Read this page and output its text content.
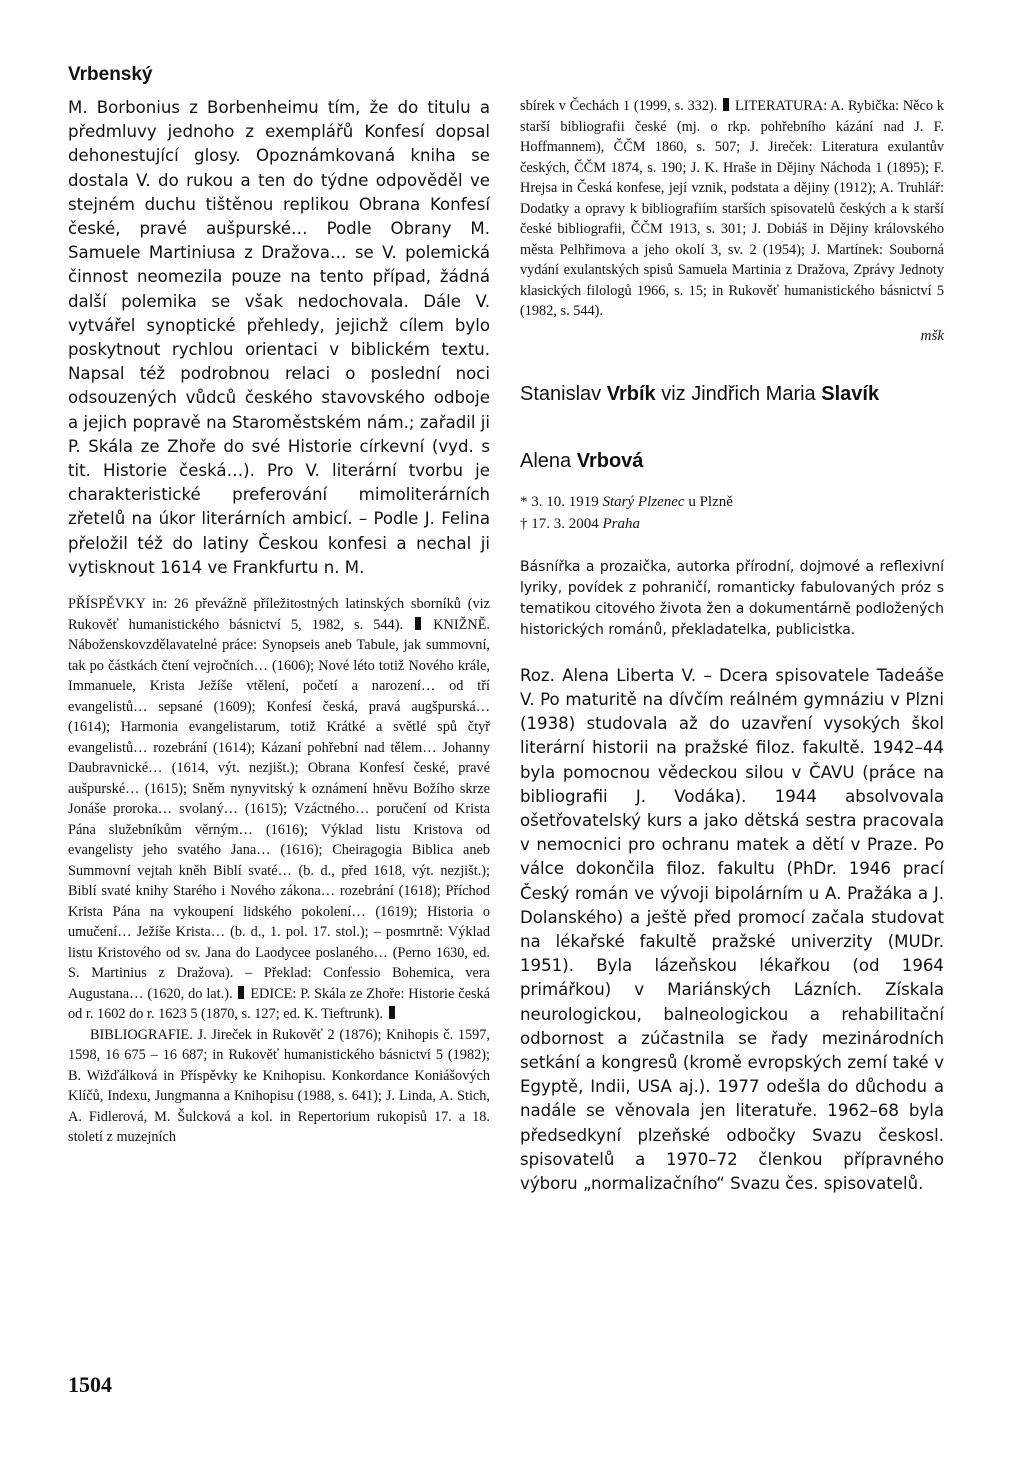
Vrbenský

M. Borbonius z Borbenheimu tím, že do titulu a předmluvy jednoho z exemplářů Konfesí dopsal dehonestující glosy. Opoznámkovaná kniha se dostala V. do rukou a ten do týdne odpověděl ve stejném duchu tištěnou replikou Obrana Konfesí české, pravé aušpurské… Podle Obrany M. Samuele Martiniusa z Dražova… se V. polemická činnost neomezila pouze na tento případ, žádná další polemika se však nedochovala. Dále V. vytvářel synoptické přehledy, jejichž cílem bylo poskytnout rychlou orientaci v biblickém textu. Napsal též podrobnou relaci o poslední noci odsouzených vůdců českého stavovského odboje a jejich popravě na Staroměstském nám.; zařadil ji P. Skála ze Zhoře do své Historie církevní (vyd. s tit. Historie česká…). Pro V. literární tvorbu je charakteristické preferování mimoliterárních zřetelů na úkor literárních ambicí. – Podle J. Felina přeložil též do latiny Českou konfesi a nechal ji vytisknout 1614 ve Frankfurtu n. M.

PŘÍSPĚVKY in: 26 převážně příležitostných latinských sborníků (viz Rukověť humanistického básnictví 5, 1982, s. 544). KNIŽNĚ. Náboženskovzdělavatelné práce: Synopseis aneb Tabule, jak summovní, tak po částkách čtení vejročních… (1606); Nové léto totiž Nového krále, Immanuele, Krista Ježíše vtělení, početí a narození… od tří evangelistů… sepsané (1609); Konfesí česká, pravá augšpurská… (1614); Harmonia evangelistarum, totiž Krátké a světlé spů čtyř evangelistů… rozebrání (1614); Kázaní pohřební nad tělem… Johanny Daubravnické… (1614, výt. nezjišt.); Obrana Konfesí české, pravé aušpurské… (1615); Sněm nynyvitský k oznámení hněvu Božího skrze Jonáše proroka… svolaný… (1615); Vzáctného… poručení od Krista Pána služebníkům věrným… (1616); Výklad listu Kristova od evangelisty jeho svatého Jana… (1616); Cheiragogia Biblica aneb Summovní vejtah kněh Biblí svaté… (b. d., před 1618, výt. nezjišt.); Biblí svaté knihy Starého i Nového zákona… rozebrání (1618); Příchod Krista Pána na vykoupení lidského pokolení… (1619); Historia o umučení… Ježíše Krista… (b. d., 1. pol. 17. stol.); – posmrtně: Výklad listu Kristového od sv. Jana do Laodycee poslaného… (Perno 1630, ed. S. Martinius z Dražova). – Překlad: Confessio Bohemica, vera Augustana… (1620, do lat.). EDICE: P. Skála ze Zhoře: Historie česká od r. 1602 do r. 1623 5 (1870, s. 127; ed. K. Tieftrunk).

BIBLIOGRAFIE. J. Jireček in Rukověť 2 (1876); Knihopis č. 1597, 1598, 16 675 – 16 687; in Rukověť humanistického básnictví 5 (1982); B. Wižďálková in Příspěvky ke Knihopisu. Konkordance Koniášových Klíčů, Indexu, Jungmanna a Knihopisu (1988, s. 641); J. Linda, A. Stich, A. Fidlerová, M. Šulcková a kol. in Repertorium rukopisů 17. a 18. století z muzejních

sbírek v Čechách 1 (1999, s. 332). LITERATURA: A. Rybička: Něco k starší bibliografii české (mj. o rkp. pohřebního kázání nad J. F. Hoffmannem), ČČM 1860, s. 507; J. Jireček: Literatura exulantův českých, ČČM 1874, s. 190; J. K. Hraše in Dějiny Náchoda 1 (1895); F. Hrejsa in Česká konfese, její vznik, podstata a dějiny (1912); A. Truhlář: Dodatky a opravy k bibliografiím starších spisovatelů českých a k starší české bibliografii, ČČM 1913, s. 301; J. Dobiáš in Dějiny královského města Pelhřimova a jeho okolí 3, sv. 2 (1954); J. Martínek: Souborná vydání exulantských spisů Samuela Martinia z Dražova, Zprávy Jednoty klasických filologů 1966, s. 15; in Rukověť humanistického básnictví 5 (1982, s. 544).

mšk

Stanislav Vrbík viz Jindřich Maria Slavík

Alena Vrbová

* 3. 10. 1919 Starý Plzenec u Plzně

† 17. 3. 2004 Praha

Básnířka a prozaička, autorka přírodní, dojmové a reflexivní lyriky, povídek z pohraničí, romanticky fabulovaných próz s tematikou citového života žen a dokumentárně podložených historických románů, překladatelka, publicistka.

Roz. Alena Liberta V. – Dcera spisovatele Tadeáše V. Po maturitě na dívčím reálném gymnáziu v Plzni (1938) studovala až do uzavření vysokých škol literární historii na pražské filoz. fakultě. 1942–44 byla pomocnou vědeckou silou v ČAVU (práce na bibliografii J. Vodáka). 1944 absolvovala ošetřovatelský kurs a jako dětská sestra pracovala v nemocnici pro ochranu matek a dětí v Praze. Po válce dokončila filoz. fakultu (PhDr. 1946 prací Český román ve vývoji bipolárním u A. Pražáka a J. Dolanského) a ještě před promocí začala studovat na lékařské fakultě pražské univerzity (MUDr. 1951). Byla lázeňskou lékařkou (od 1964 primářkou) v Mariánských Lázních. Získala neurologickou, balneologickou a rehabilitační odbornost a zúčastnila se řady mezinárodních setkání a kongresů (kromě evropských zemí také v Egyptě, Indii, USA aj.). 1977 odešla do důchodu a nadále se věnovala jen literatuře. 1962–68 byla předsedkyní plzeňské odbočky Svazu českosl. spisovatelů a 1970–72 členkou přípravného výboru „normalizačního“ Svazu čes. spisovatelů.

1504
